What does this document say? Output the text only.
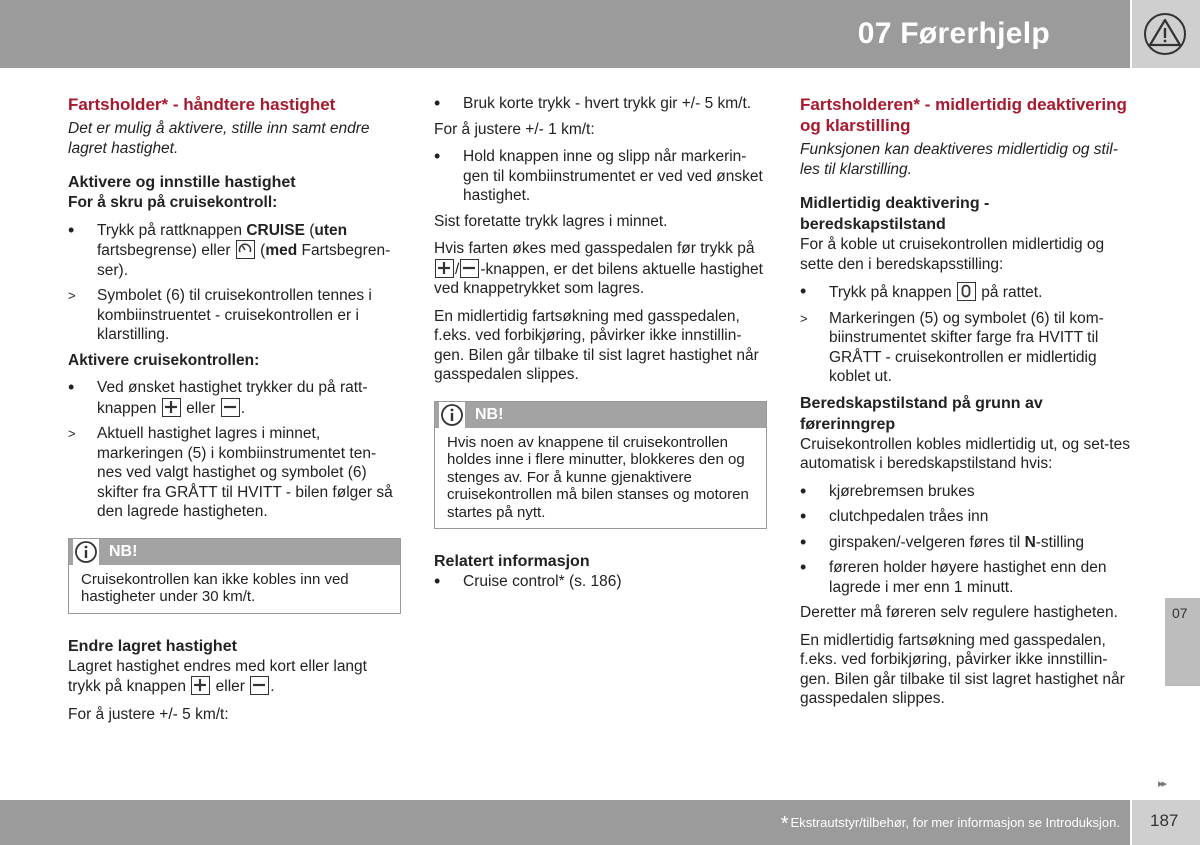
07 Førerhjelp
Fartsholder* - håndtere hastighet
Det er mulig å aktivere, stille inn samt endre lagret hastighet.
Aktivere og innstille hastighet
For å skru på cruisekontroll:
•
Trykk på rattknappen CRUISE (uten fartsbegrense) eller
(med Fartsbegren-ser).
>
Symbolet (6) til cruisekontrollen tennes i kombiinstruentet - cruisekontrollen er i klarstilling.
Aktivere cruisekontrollen:
•
Ved ønsket hastighet trykker du på ratt-knappen
eller
.
>
Aktuell hastighet lagres i minnet, markeringen (5) i kombiinstrumentet ten-nes ved valgt hastighet og symbolet (6) skifter fra GRÅTT til HVITT - bilen følger så den lagrede hastigheten.
NB!
Cruisekontrollen kan ikke kobles inn ved hastigheter under 30 km/t.
Endre lagret hastighet

Lagret hastighet endres med kort eller langt trykk på knappen
eller
.

For å justere +/- 5 km/t:

•
Bruk korte trykk - hvert trykk gir +/- 5 km/t.

For å justere +/- 1 km/t:

•
Hold knappen inne og slipp når markerin-gen til kombiinstrumentet er ved ved ønsket hastighet.

Sist foretatte trykk lagres i minnet.

Hvis farten økes med gasspedalen før trykk på
/ -knappen, er det bilens aktuelle hastighet ved knappetrykket som lagres.

En midlertidig fartsøkning med gasspedalen, f.eks. ved forbikjøring, påvirker ikke innstillin-gen. Bilen går tilbake til sist lagret hastighet når gasspedalen slippes.

NB!
Hvis noen av knappene til cruisekontrollen holdes inne i flere minutter, blokkeres den og stenges av. For å kunne gjenaktivere cruisekontrollen må bilen stanses og motoren startes på nytt.
Relatert informasjon
•
Cruise control* (s. 186)
Fartsholderen* - midlertidig deaktivering og klarstilling
Funksjonen kan deaktiveres midlertidig og stil-les til klarstilling.
Midlertidig deaktivering - beredskapstilstand

For å koble ut cruisekontrollen midlertidig og sette den i beredskapsstilling:

•
Trykk på knappen
på rattet.
>
Markeringen (5) og symbolet (6) til kom-biinstrumentet skifter farge fra HVITT til GRÅTT - cruisekontrollen er midlertidig koblet ut.
Beredskapstilstand på grunn av førerinngrep

Cruisekontrollen kobles midlertidig ut, og set-tes automatisk i beredskapstilstand hvis:

•
kjørebremsen brukes
•
clutchpedalen tråes inn
•
girspaken/-velgeren føres til N-stilling
•
føreren holder høyere hastighet enn den lagrede i mer enn 1 minutt.

Deretter må føreren selv regulere hastigheten.

En midlertidig fartsøkning med gasspedalen, f.eks. ved forbikjøring, påvirker ikke innstillin-gen. Bilen går tilbake til sist lagret hastighet når gasspedalen slippes.

07
▸▸
* Ekstrautstyr/tilbehør, for mer informasjon se Introduksjon. 187
